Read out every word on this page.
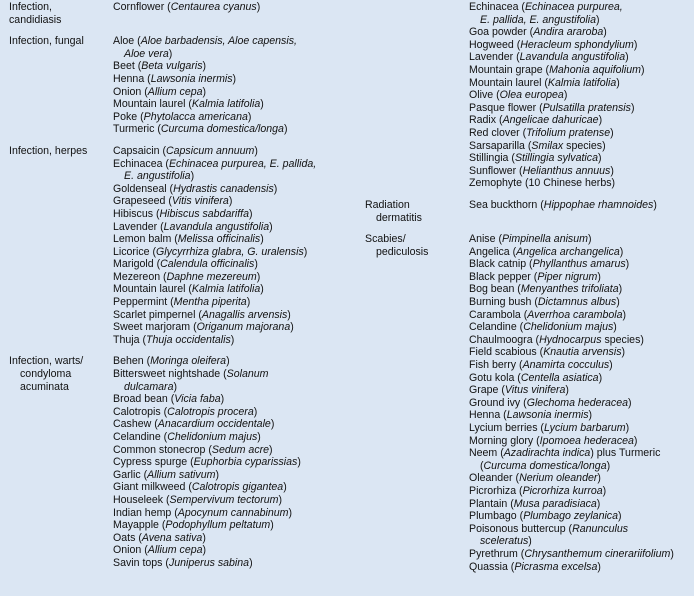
Infection,
candidiasis
Cornflower (Centaurea cyanus)
Infection, fungal	Aloe (Aloe barbadensis, Aloe capensis,
Aloe vera)
Beet (Beta vulgaris)
Henna (Lawsonia inermis)
Onion (Allium cepa)
Mountain laurel (Kalmia latifolia)
Poke (Phytolacca americana)
Turmeric (Curcuma domestica/longa)
Infection, herpes	Capsaicin (Capsicum annuum)
Echinacea (Echinacea purpurea, E. pallida,
E. angustifolia)
Goldenseal (Hydrastis canadensis)
Grapeseed (Vitis vinifera)
Hibiscus (Hibiscus sabdariffa)
Lavender (Lavandula angustifolia)
Lemon balm (Melissa officinalis)
Licorice (Glycyrrhiza glabra, G. uralensis)
Marigold (Calendula officinalis)
Mezereon (Daphne mezereum)
Mountain laurel (Kalmia latifolia)
Peppermint (Mentha piperita)
Scarlet pimpernel (Anagallis arvensis)
Sweet marjoram (Origanum majorana)
Thuja (Thuja occidentalis)
Infection, warts/
condyloma
acuminata
Behen (Moringa oleifera)
Bittersweet nightshade (Solanum
dulcamara)
Broad bean (Vicia faba)
Calotropis (Calotropis procera)
Cashew (Anacardium occidentale)
Celandine (Chelidonium majus)
Common stonecrop (Sedum acre)
Cypress spurge (Euphorbia cyparissias)
Garlic (Allium sativum)
Giant milkweed (Calotropis gigantea)
Houseleek (Sempervivum tectorum)
Indian hemp (Apocynum cannabinum)
Mayapple (Podophyllum peltatum)
Oats (Avena sativa)
Onion (Allium cepa)
Savin tops (Juniperus sabina)
Echinacea (Echinacea purpurea,
E. pallida, E. angustifolia)
Goa powder (Andira araroba)
Hogweed (Heracleum sphondylium)
Lavender (Lavandula angustifolia)
Mountain grape (Mahonia aquifolium)
Mountain laurel (Kalmia latifolia)
Olive (Olea europea)
Pasque flower (Pulsatilla pratensis)
Radix (Angelicae dahuricae)
Red clover (Trifolium pratense)
Sarsaparilla (Smilax species)
Stillingia (Stillingia sylvatica)
Sunflower (Helianthus annuus)
Zemophyte (10 Chinese herbs)
Radiation
dermatitis
Sea buckthorn (Hippophae rhamnoides)
Scabies/
pediculosis
Anise (Pimpinella anisum)
Angelica (Angelica archangelica)
Black catnip (Phyllanthus amarus)
Black pepper (Piper nigrum)
Bog bean (Menyanthes trifoliata)
Burning bush (Dictamnus albus)
Carambola (Averrhoa carambola)
Celandine (Chelidonium majus)
Chaulmoogra (Hydnocarpus species)
Field scabious (Knautia arvensis)
Fish berry (Anamirta cocculus)
Gotu kola (Centella asiatica)
Grape (Vitus vinifera)
Ground ivy (Glechoma hederacea)
Henna (Lawsonia inermis)
Lycium berries (Lycium barbarum)
Morning glory (Ipomoea hederacea)
Neem (Azadirachta indica) plus Turmeric
(Curcuma domestica/longa)
Oleander (Nerium oleander)
Picrorhiza (Picrorhiza kurroa)
Plantain (Musa paradisiaca)
Plumbago (Plumbago zeylanica)
Poisonous buttercup (Ranunculus
sceleratus)
Pyrethrum (Chrysanthemum cinerariifolium)
Quassia (Picrasma excelsa)
